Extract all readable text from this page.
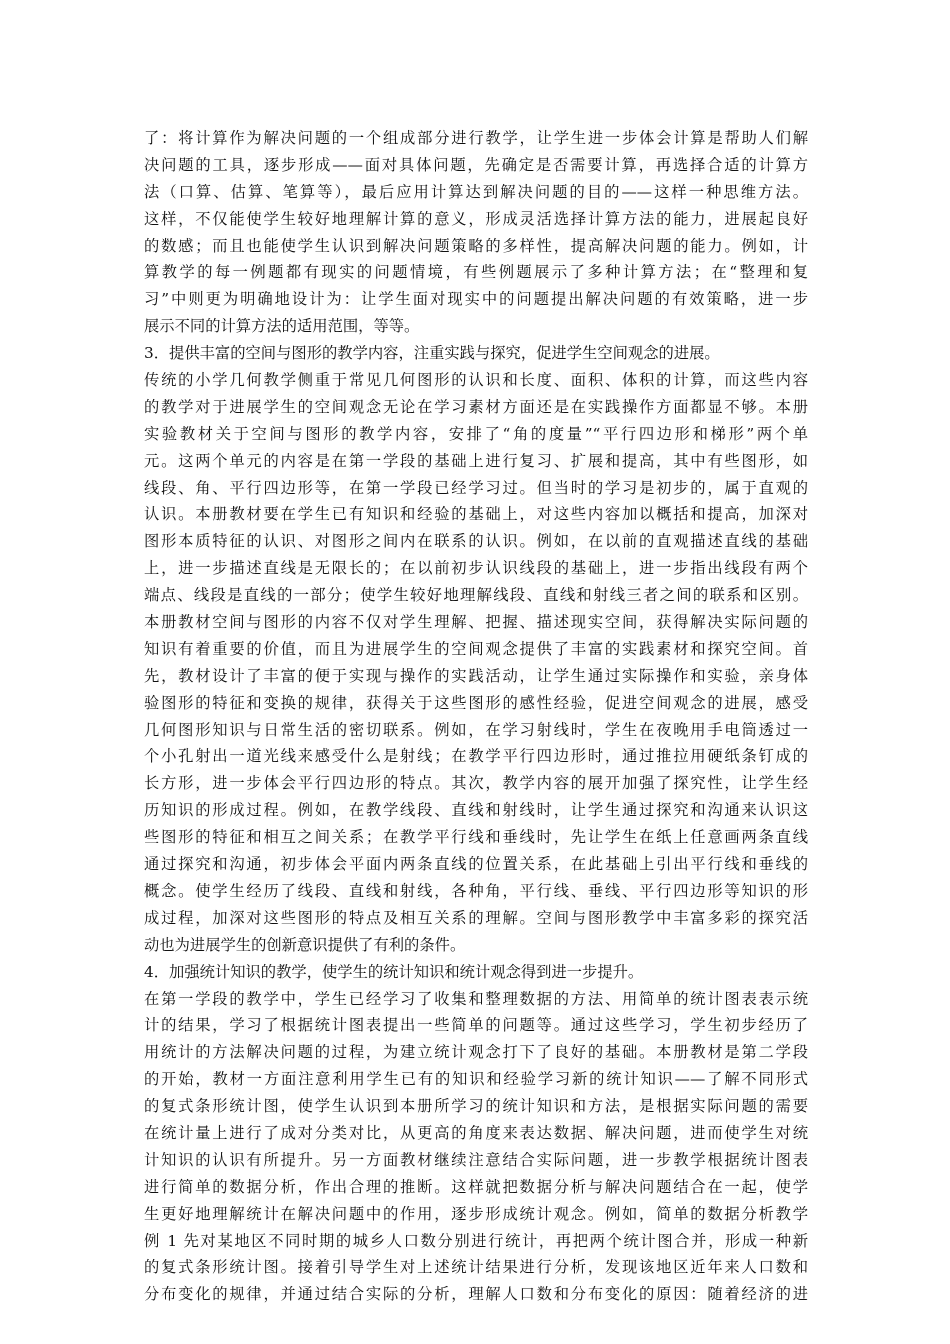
了：将计算作为解决问题的一个组成部分进行教学，让学生进一步体会计算是帮助人们解
决问题的工具，逐步形成——面对具体问题，先确定是否需要计算，再选择合适的计算方
法（口算、估算、笔算等），最后应用计算达到解决问题的目的——这样一种思维方法。
这样，不仅能使学生较好地理解计算的意义，形成灵活选择计算方法的能力，进展起良好
的数感；而且也能使学生认识到解决问题策略的多样性，提高解决问题的能力。例如，计
算教学的每一例题都有现实的问题情境，有些例题展示了多种计算方法；在“整理和复
习”中则更为明确地设计为：让学生面对现实中的问题提出解决问题的有效策略，进一步
展示不同的计算方法的适用范围，等等。
3．提供丰富的空间与图形的教学内容，注重实践与探究，促进学生空间观念的进展。
传统的小学几何教学侧重于常见几何图形的认识和长度、面积、体积的计算，而这些内容
的教学对于进展学生的空间观念无论在学习素材方面还是在实践操作方面都显不够。本册
实验教材关于空间与图形的教学内容，安排了“角的度量”“平行四边形和梯形”两个单
元。这两个单元的内容是在第一学段的基础上进行复习、扩展和提高，其中有些图形，如
线段、角、平行四边形等，在第一学段已经学习过。但当时的学习是初步的，属于直观的
认识。本册教材要在学生已有知识和经验的基础上，对这些内容加以概括和提高，加深对
图形本质特征的认识、对图形之间内在联系的认识。例如，在以前的直观描述直线的基础
上，进一步描述直线是无限长的；在以前初步认识线段的基础上，进一步指出线段有两个
端点、线段是直线的一部分；使学生较好地理解线段、直线和射线三者之间的联系和区别。
本册教材空间与图形的内容不仅对学生理解、把握、描述现实空间，获得解决实际问题的
知识有着重要的价值，而且为进展学生的空间观念提供了丰富的实践素材和探究空间。首
先，教材设计了丰富的便于实现与操作的实践活动，让学生通过实际操作和实验，亲身体
验图形的特征和变换的规律，获得关于这些图形的感性经验，促进空间观念的进展，感受
几何图形知识与日常生活的密切联系。例如，在学习射线时，学生在夜晚用手电筒透过一
个小孔射出一道光线来感受什么是射线；在教学平行四边形时，通过推拉用硬纸条钉成的
长方形，进一步体会平行四边形的特点。其次，教学内容的展开加强了探究性，让学生经
历知识的形成过程。例如，在教学线段、直线和射线时，让学生通过探究和沟通来认识这
些图形的特征和相互之间关系；在教学平行线和垂线时，先让学生在纸上任意画两条直线
通过探究和沟通，初步体会平面内两条直线的位置关系，在此基础上引出平行线和垂线的
概念。使学生经历了线段、直线和射线，各种角，平行线、垂线、平行四边形等知识的形
成过程，加深对这些图形的特点及相互关系的理解。空间与图形教学中丰富多彩的探究活
动也为进展学生的创新意识提供了有利的条件。
4．加强统计知识的教学，使学生的统计知识和统计观念得到进一步提升。
在第一学段的教学中，学生已经学习了收集和整理数据的方法、用简单的统计图表表示统
计的结果，学习了根据统计图表提出一些简单的问题等。通过这些学习，学生初步经历了
用统计的方法解决问题的过程，为建立统计观念打下了良好的基础。本册教材是第二学段
的开始，教材一方面注意利用学生已有的知识和经验学习新的统计知识——了解不同形式
的复式条形统计图，使学生认识到本册所学习的统计知识和方法，是根据实际问题的需要
在统计量上进行了成对分类对比，从更高的角度来表达数据、解决问题，进而使学生对统
计知识的认识有所提升。另一方面教材继续注意结合实际问题，进一步教学根据统计图表
进行简单的数据分析，作出合理的推断。这样就把数据分析与解决问题结合在一起，使学
生更好地理解统计在解决问题中的作用，逐步形成统计观念。例如，简单的数据分析教学
例 1 先对某地区不同时期的城乡人口数分别进行统计，再把两个统计图合并，形成一种新
的复式条形统计图。接着引导学生对上述统计结果进行分析，发现该地区近年来人口数和
分布变化的规律，并通过结合实际的分析，理解人口数和分布变化的原因：随着经济的进
